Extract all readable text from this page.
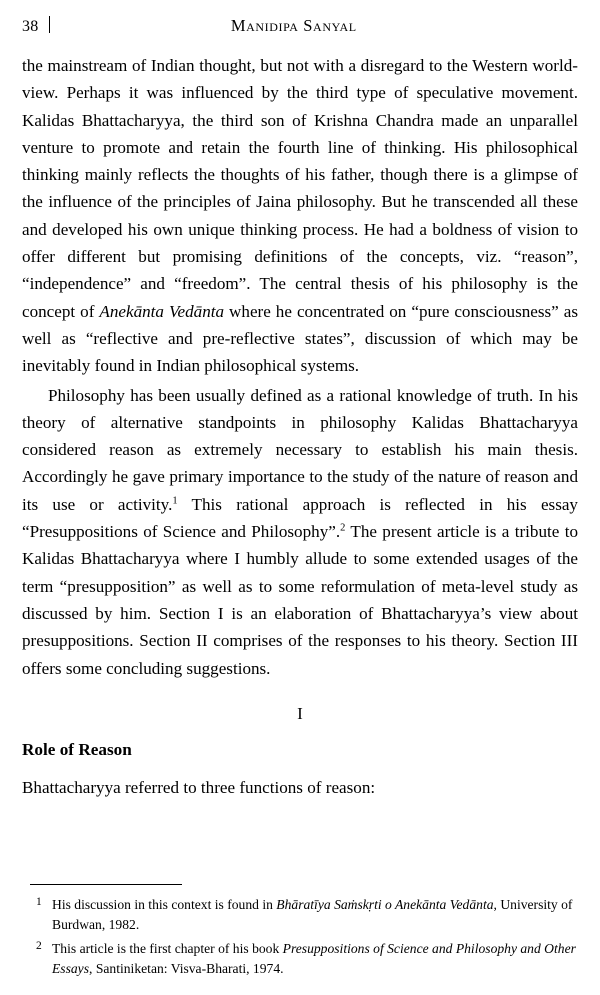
38	Manidipa Sanyal

the mainstream of Indian thought, but not with a disregard to the Western world-view. Perhaps it was influenced by the third type of speculative movement. Kalidas Bhattacharyya, the third son of Krishna Chandra made an unparallel venture to promote and retain the fourth line of thinking. His philosophical thinking mainly reflects the thoughts of his father, though there is a glimpse of the influence of the principles of Jaina philosophy. But he transcended all these and developed his own unique thinking process. He had a boldness of vision to offer different but promising definitions of the concepts, viz. “reason”, “independence” and “freedom”. The central thesis of his philosophy is the concept of Anekānta Vedānta where he concentrated on “pure consciousness” as well as “reflective and pre-reflective states”, discussion of which may be inevitably found in Indian philosophical systems.

Philosophy has been usually defined as a rational knowledge of truth. In his theory of alternative standpoints in philosophy Kalidas Bhattacharyya considered reason as extremely necessary to establish his main thesis. Accordingly he gave primary importance to the study of the nature of reason and its use or activity.$^1$ This rational approach is reflected in his essay “Presuppositions of Science and Philosophy”.$^2$ The present article is a tribute to Kalidas Bhattacharyya where I humbly allude to some extended usages of the term “presupposition” as well as to some reformulation of meta-level study as discussed by him. Section I is an elaboration of Bhattacharyya’s view about presuppositions. Section II comprises of the responses to his theory. Section III offers some concluding suggestions.

I
Role of Reason

Bhattacharyya referred to three functions of reason:

1 His discussion in this context is found in Bhāratīya Saṁskṛti o Anekānta Vedānta, University of Burdwan, 1982.
2 This article is the first chapter of his book Presuppositions of Science and Philosophy and Other Essays, Santiniketan: Visva-Bharati, 1974.
